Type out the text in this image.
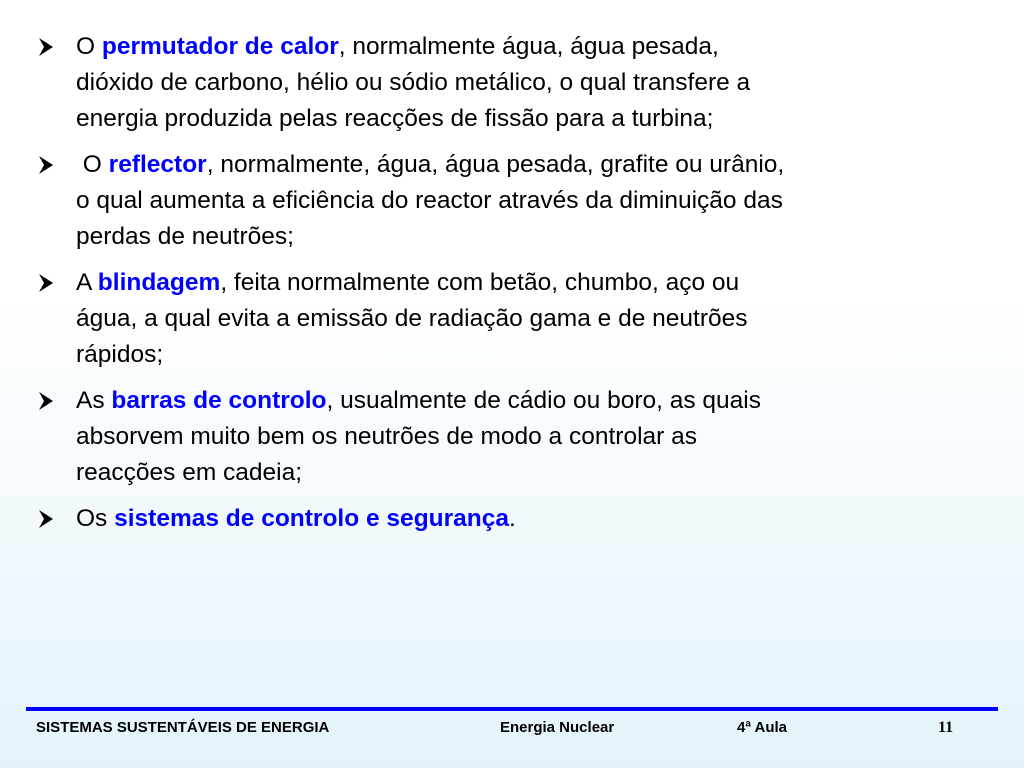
O permutador de calor, normalmente água, água pesada,
dióxido de carbono, hélio ou sódio metálico, o qual transfere a
energia produzida pelas reacções de fissão para a turbina;
O reflector, normalmente, água, água pesada, grafite ou urânio,
o qual aumenta a eficiência do reactor através da diminuição das
perdas de neutrões;
A blindagem, feita normalmente com betão, chumbo, aço ou
água, a qual evita a emissão de radiação gama e de neutrões
rápidos;
As barras de controlo, usualmente de cádio ou boro, as quais
absorvem muito bem os neutrões de modo a controlar as
reacções em cadeia;
Os sistemas de controlo e segurança.
SISTEMAS SUSTENTÁVEIS DE ENERGIA	Energia Nuclear	4ª Aula	11
